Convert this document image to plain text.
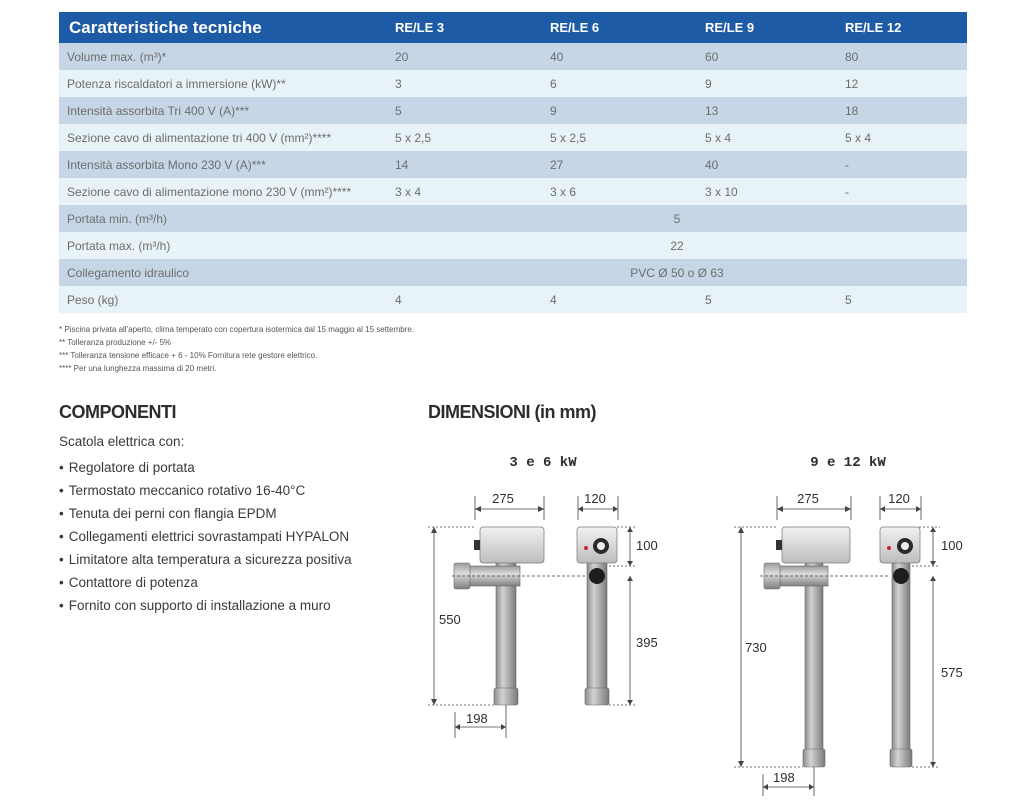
Caratteristiche tecniche	RE/LE 3	RE/LE 6	RE/LE 9	RE/LE 12
Volume max. (m³)*	20	40	60	80
Potenza riscaldatori a immersione (kW)**	3	6	9	12
Intensità assorbita Tri 400 V (A)***	5	9	13	18
Sezione cavo di alimentazione tri 400 V (mm²)****	5 x 2,5	5 x 2,5	5 x 4	5 x 4
Intensità assorbita Mono 230 V (A)***	14	27	40	-
Sezione cavo di alimentazione mono 230 V (mm²)****	3 x 4	3 x 6	3 x 10	-
Portata min. (m³/h)	5			
Portata max. (m³/h)	22			
Collegamento idraulico	PVC Ø 50 o Ø 63			
Peso (kg)	4	4	5	5
* Piscina privata all'aperto, clima temperato con copertura isotermica dal 15 maggio al 15 settembre.
** Tolleranza produzione +/- 5%
*** Tolleranza tensione efficace + 6 - 10% Fornitura rete gestore elettrico.
**** Per una lunghezza massima di 20 metri.
COMPONENTI
Scatola elettrica con:
• Regolatore di portata
• Termostato meccanico rotativo 16-40°C
• Tenuta dei perni con flangia EPDM
• Collegamenti elettrici sovrastampati HYPALON
• Limitatore alta temperatura a sicurezza positiva
• Contattore di potenza
• Fornito con supporto di installazione a muro
DIMENSIONI (in mm)
3 e 6 kW
275	120
100
550
395
198
9 e 12 kW
275	120
100
730
575
198
